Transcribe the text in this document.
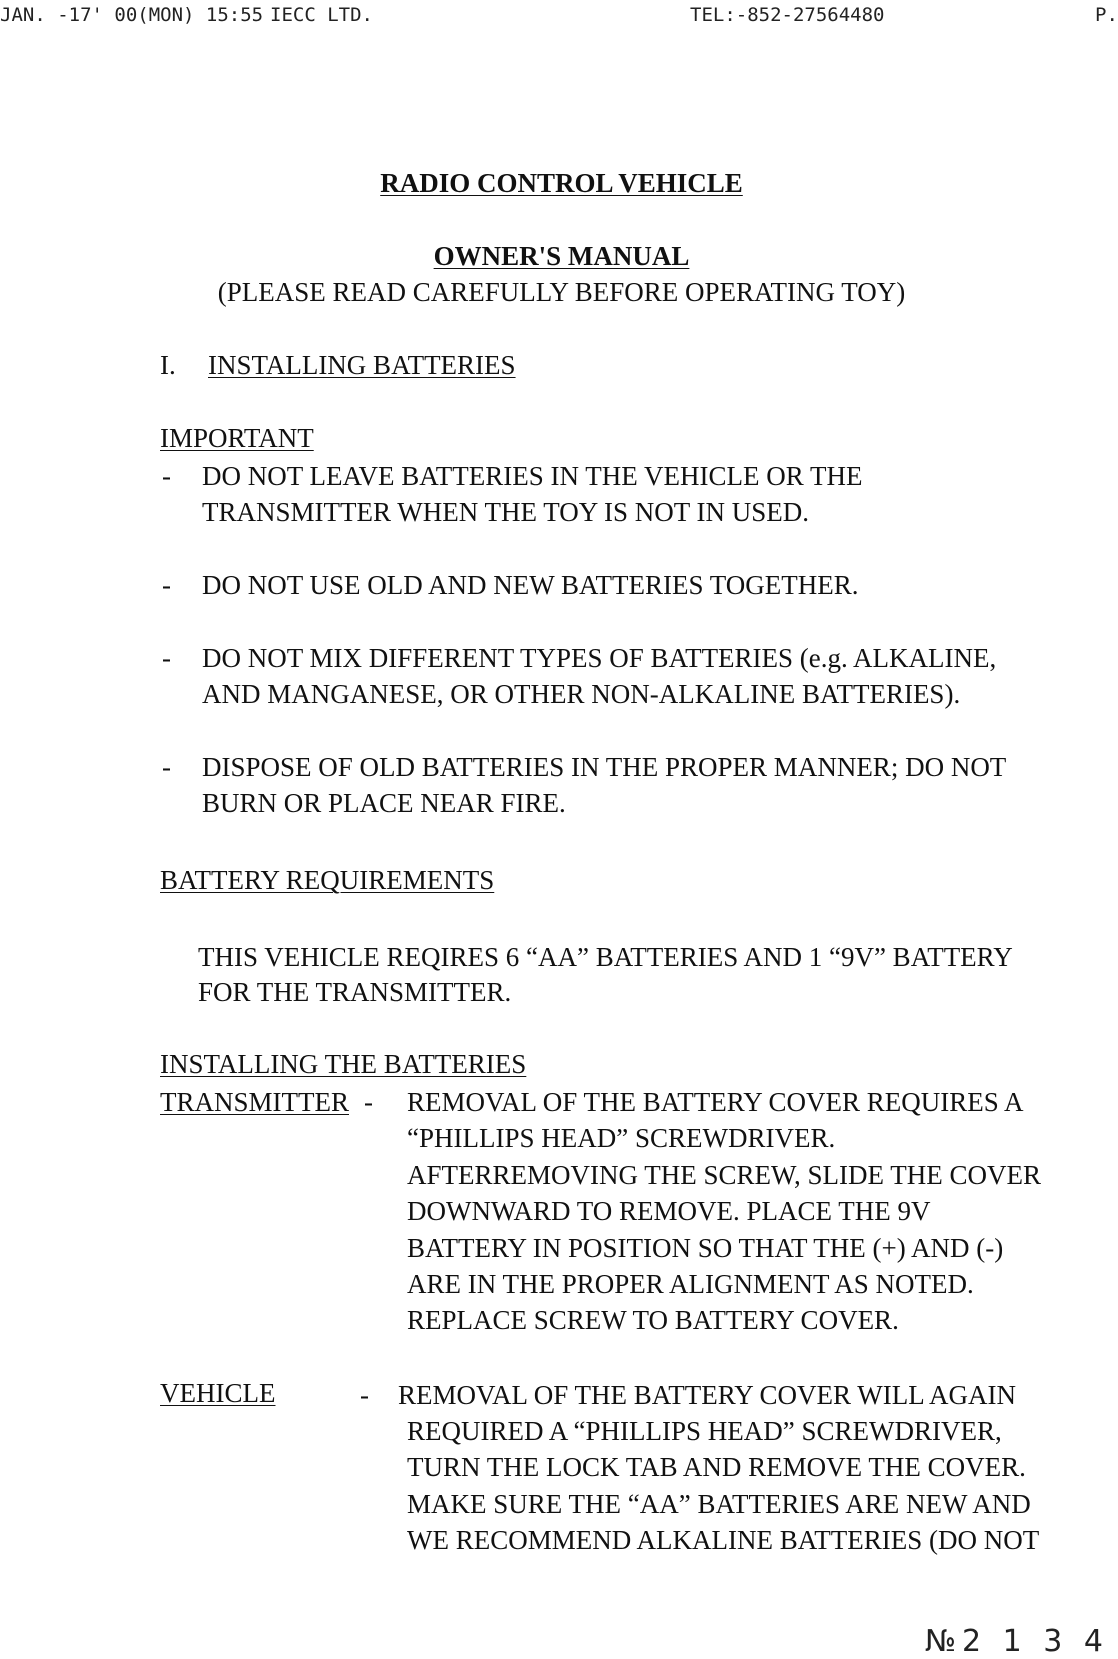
JAN. -17' 00(MON) 15:55 IECC LTD.	TEL:-852-27564480	P.
RADIO CONTROL VEHICLE
OWNER'S MANUAL
(PLEASE READ CAREFULLY BEFORE OPERATING TOY)
I. INSTALLING BATTERIES
IMPORTANT
- DO NOT LEAVE BATTERIES IN THE VEHICLE OR THE
TRANSMITTER WHEN THE TOY IS NOT IN USED.
- DO NOT USE OLD AND NEW BATTERIES TOGETHER.
- DO NOT MIX DIFFERENT TYPES OF BATTERIES (e.g. ALKALINE,
AND MANGANESE, OR OTHER NON-ALKALINE BATTERIES).
- DISPOSE OF OLD BATTERIES IN THE PROPER MANNER; DO NOT
BURN OR PLACE NEAR FIRE.
BATTERY REQUIREMENTS
THIS VEHICLE REQIRES 6 “AA” BATTERIES AND 1 “9V” BATTERY
FOR THE TRANSMITTER.
INSTALLING THE BATTERIES
TRANSMITTER - REMOVAL OF THE BATTERY COVER REQUIRES A
“PHILLIPS HEAD” SCREWDRIVER.
AFTERREMOVING THE SCREW, SLIDE THE COVER
DOWNWARD TO REMOVE. PLACE THE 9V
BATTERY IN POSITION SO THAT THE (+) AND (-)
ARE IN THE PROPER ALIGNMENT AS NOTED.
REPLACE SCREW TO BATTERY COVER.
VEHICLE	- REMOVAL OF THE BATTERY COVER WILL AGAIN
REQUIRED A “PHILLIPS HEAD” SCREWDRIVER,
TURN THE LOCK TAB AND REMOVE THE COVER.
MAKE SURE THE “AA” BATTERIES ARE NEW AND
WE RECOMMEND ALKALINE BATTERIES (DO NOT
№2 1 3 4
